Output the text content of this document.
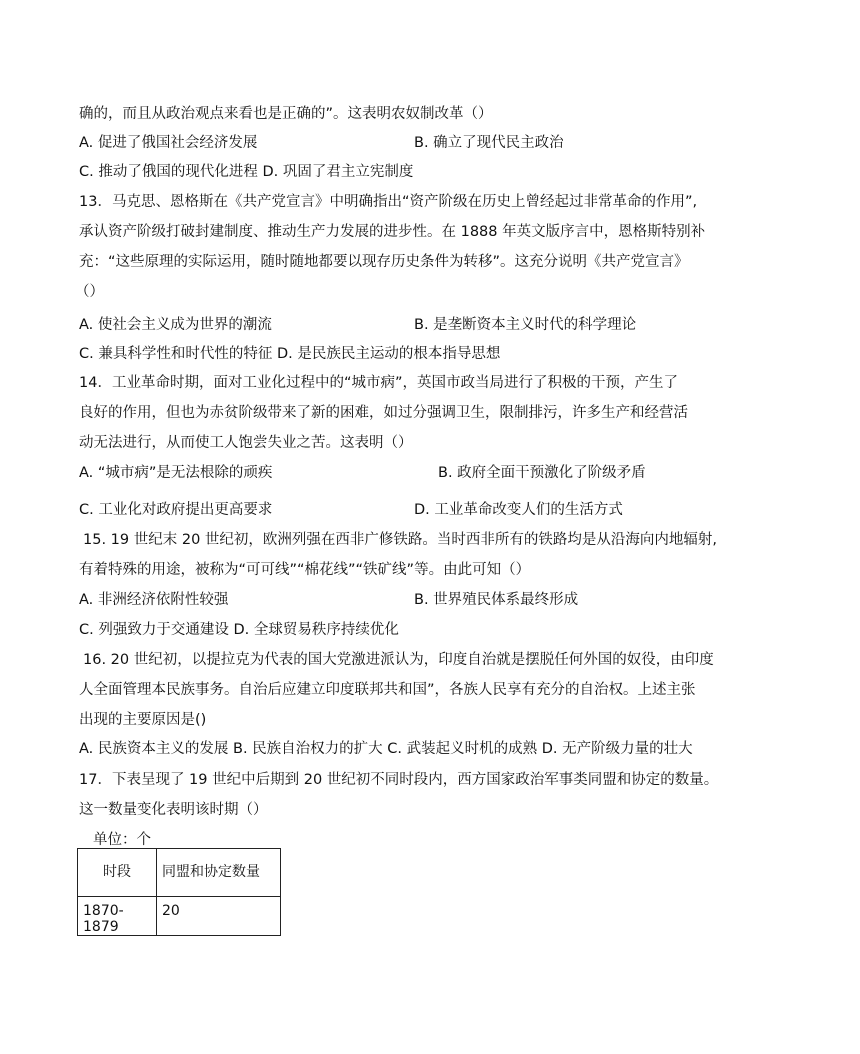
确的，而且从政治观点来看也是正确的”。这表明农奴制改革（）
A. 促进了俄国社会经济发展	B. 确立了现代民主政治
C. 推动了俄国的现代化进程 D. 巩固了君主立宪制度
13．马克思、恩格斯在《共产党宣言》中明确指出“资产阶级在历史上曾经起过非常革命的作用”,
承认资产阶级打破封建制度、推动生产力发展的进步性。在 1888 年英文版序言中，恩格斯特别补
充：“这些原理的实际运用，随时随地都要以现存历史条件为转移”。这充分说明《共产党宣言》
（）
A. 使社会主义成为世界的潮流	B. 是垄断资本主义时代的科学理论
C. 兼具科学性和时代性的特征 D. 是民族民主运动的根本指导思想
14．工业革命时期，面对工业化过程中的“城市病”，英国市政当局进行了积极的干预，产生了
良好的作用，但也为赤贫阶级带来了新的困难，如过分强调卫生，限制排污，许多生产和经营活
动无法进行，从而使工人饱尝失业之苦。这表明（）
A. “城市病”是无法根除的顽疾	B. 政府全面干预激化了阶级矛盾
C. 工业化对政府提出更高要求	D. 工业革命改变人们的生活方式
15. 19 世纪末 20 世纪初，欧洲列强在西非广修铁路。当时西非所有的铁路均是从沿海向内地辐射,
有着特殊的用途，被称为“可可线”“棉花线”“铁矿线”等。由此可知（）
A. 非洲经济依附性较强	B. 世界殖民体系最终形成
C. 列强致力于交通建设 D. 全球贸易秩序持续优化
16. 20 世纪初，以提拉克为代表的国大党激进派认为，印度自治就是摆脱任何外国的奴役，由印度
人全面管理本民族事务。自治后应建立印度联邦共和国”，各族人民享有充分的自治权。上述主张
出现的主要原因是()
A. 民族资本主义的发展 B. 民族自治权力的扩大 C. 武装起义时机的成熟 D. 无产阶级力量的壮大
17．下表呈现了 19 世纪中后期到 20 世纪初不同时段内，西方国家政治军事类同盟和协定的数量。
这一数量变化表明该时期（）
单位：个
时段	同盟和协定数量
1870-1879	20
